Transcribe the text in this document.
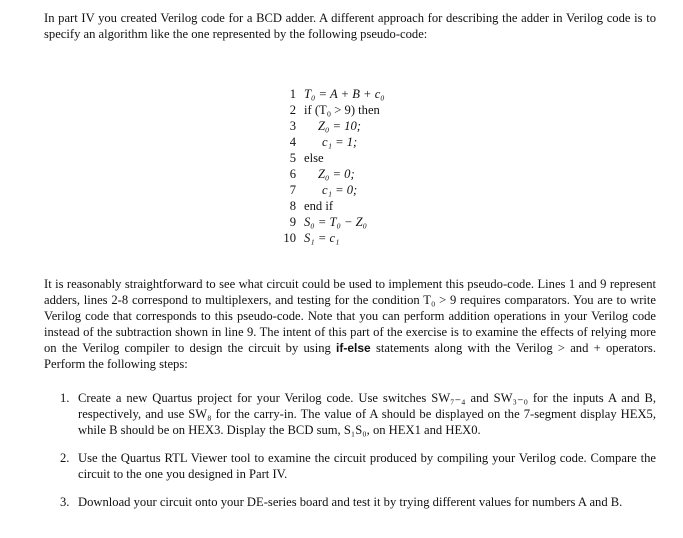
In part IV you created Verilog code for a BCD adder. A different approach for describing the adder in Verilog code is to specify an algorithm like the one represented by the following pseudo-code:

1 T₀ = A + B + c₀
2 if (T₀ > 9) then
3 Z₀ = 10;
4 c₁ = 1;
5 else
6 Z₀ = 0;
7 c₁ = 0;
8 end if
9 S₀ = T₀ − Z₀
10 S₁ = c₁

It is reasonably straightforward to see what circuit could be used to implement this pseudo-code. Lines 1 and 9 represent adders, lines 2-8 correspond to multiplexers, and testing for the condition T₀ > 9 requires comparators. You are to write Verilog code that corresponds to this pseudo-code. Note that you can perform addition operations in your Verilog code instead of the subtraction shown in line 9. The intent of this part of the exercise is to examine the effects of relying more on the Verilog compiler to design the circuit by using if-else statements along with the Verilog > and + operators. Perform the following steps:

1. Create a new Quartus project for your Verilog code. Use switches SW₇₋₄ and SW₃₋₀ for the inputs A and B, respectively, and use SW₈ for the carry-in. The value of A should be displayed on the 7-segment display HEX5, while B should be on HEX3. Display the BCD sum, S₁S₀, on HEX1 and HEX0.
2. Use the Quartus RTL Viewer tool to examine the circuit produced by compiling your Verilog code. Compare the circuit to the one you designed in Part IV.
3. Download your circuit onto your DE-series board and test it by trying different values for numbers A and B.
